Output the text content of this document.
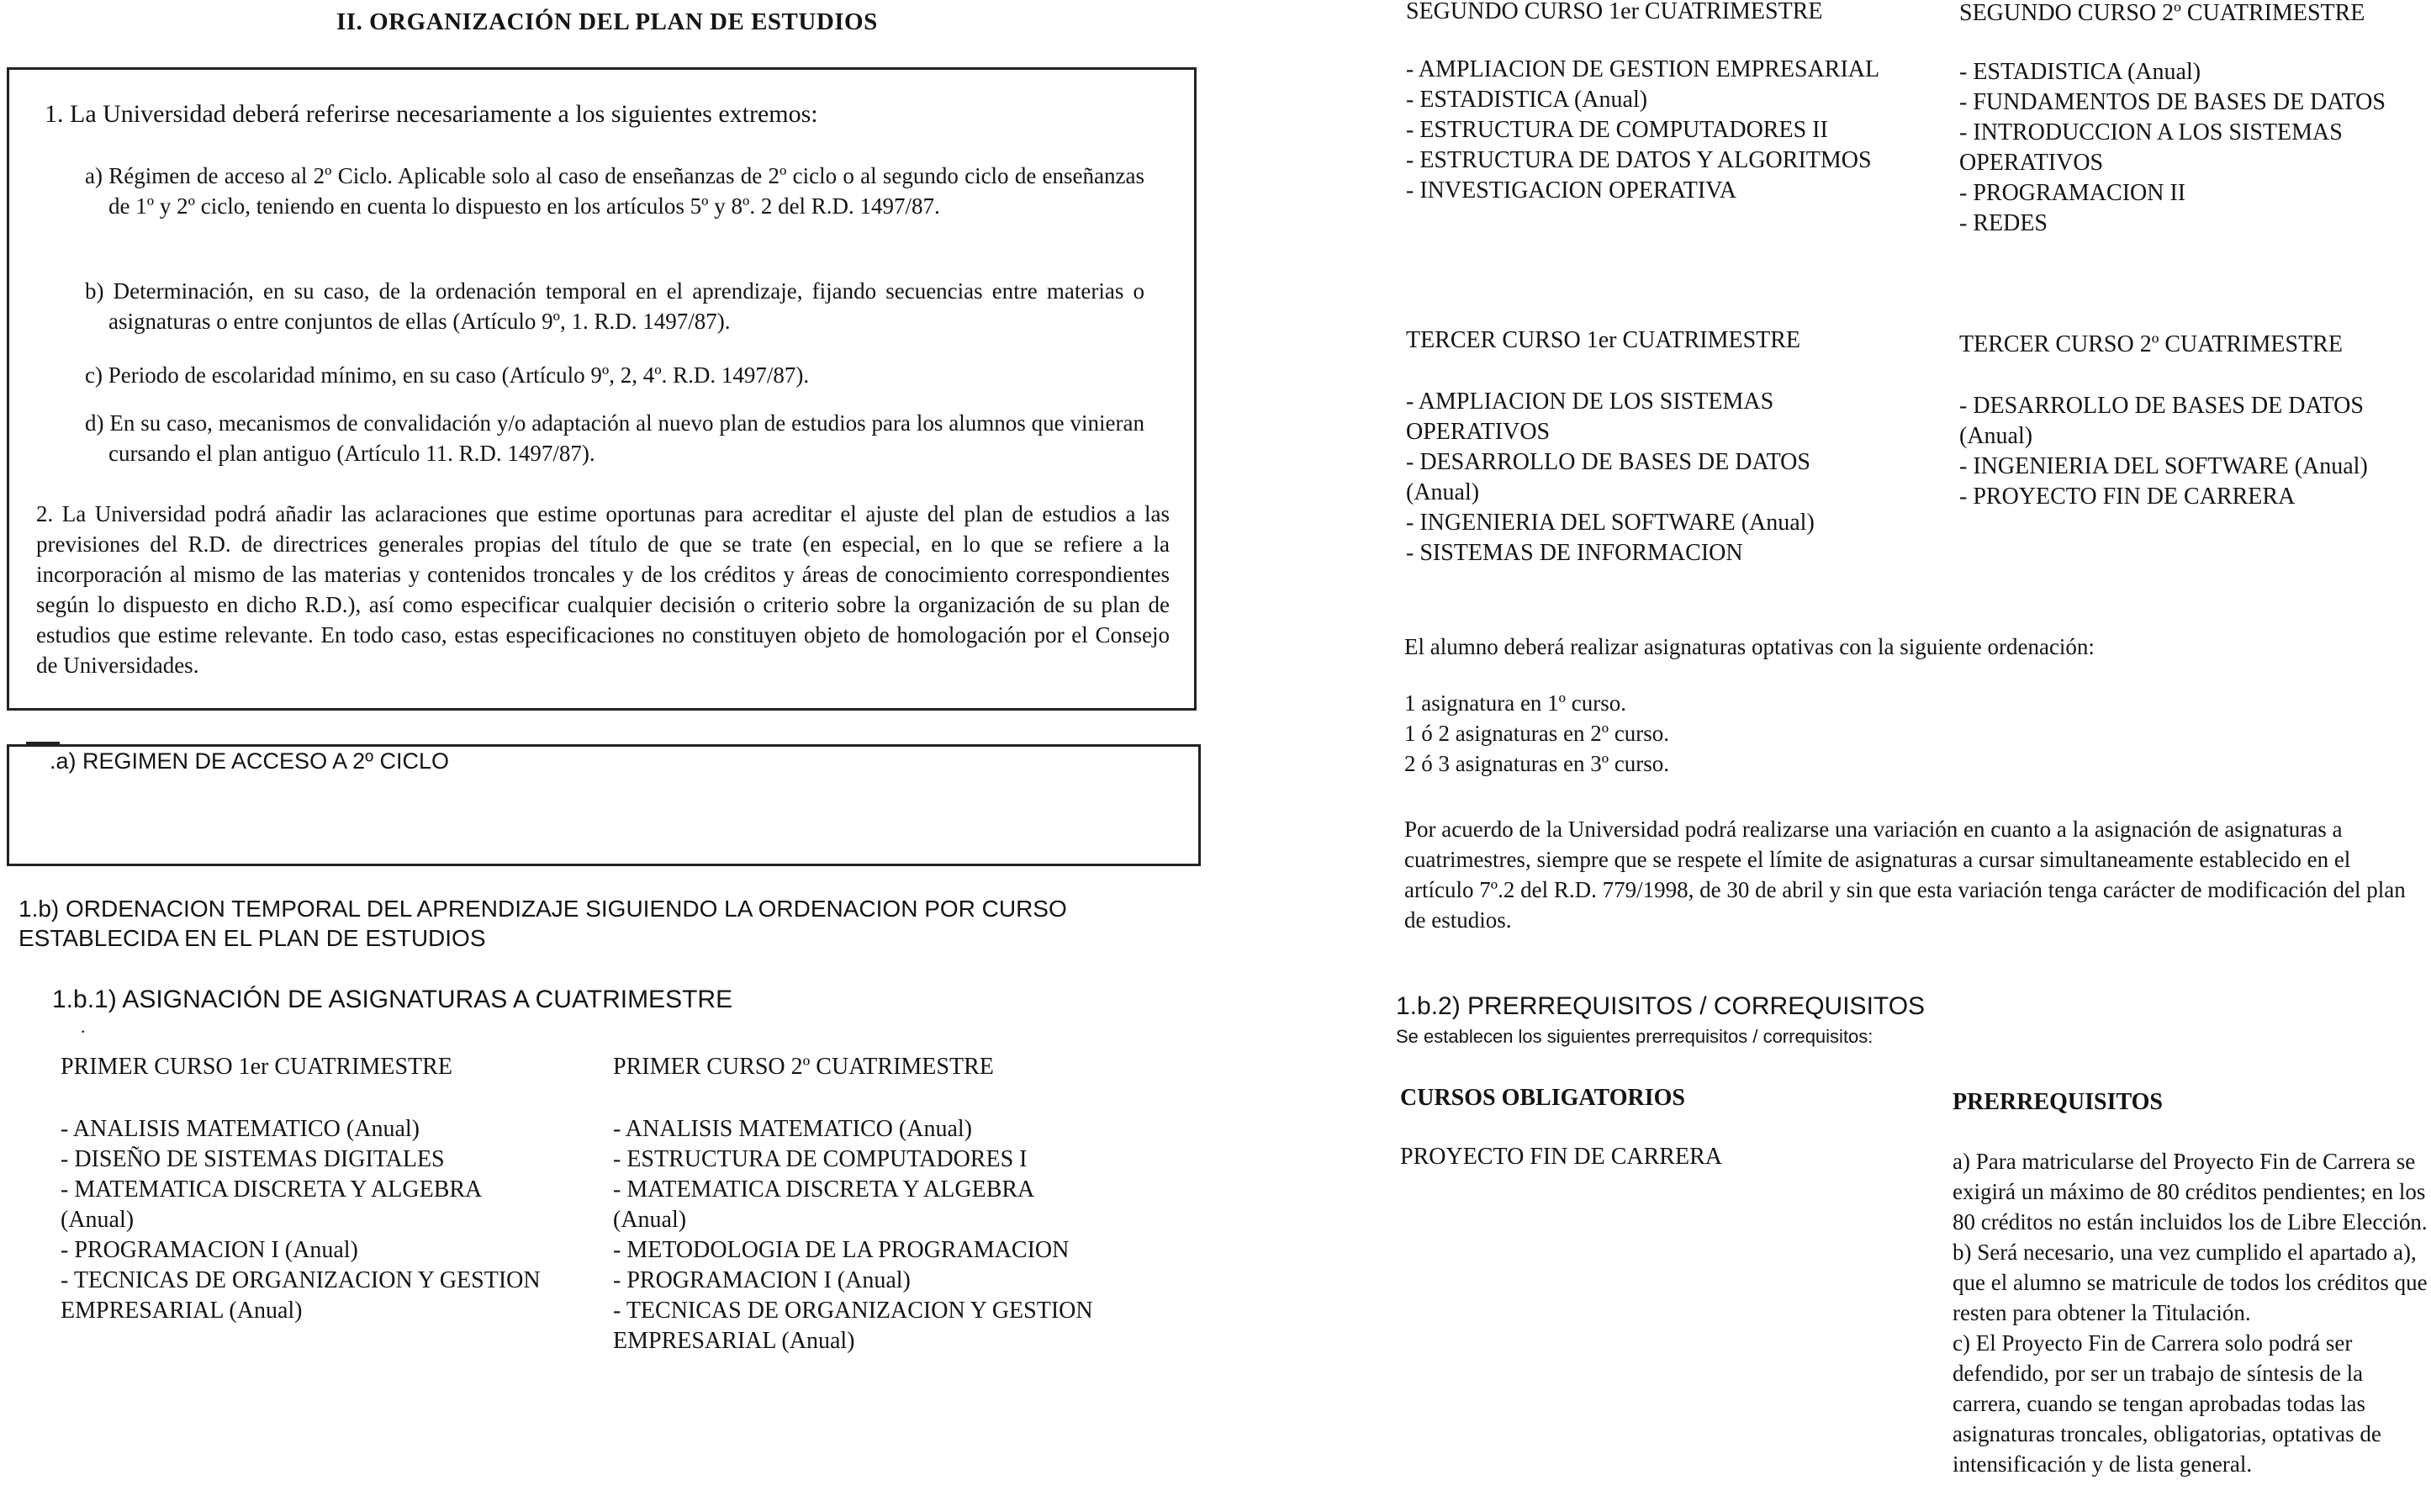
II. ORGANIZACIÓN DEL PLAN DE ESTUDIOS
1. La Universidad deberá referirse necesariamente a los siguientes extremos:
a) Régimen de acceso al 2º Ciclo. Aplicable solo al caso de enseñanzas de 2º ciclo o al segundo ciclo de enseñanzas de 1º y 2º ciclo, teniendo en cuenta lo dispuesto en los artículos 5º y 8º. 2 del R.D. 1497/87.
b) Determinación, en su caso, de la ordenación temporal en el aprendizaje, fijando secuencias entre materias o asignaturas o entre conjuntos de ellas (Artículo 9º, 1. R.D. 1497/87).
c) Periodo de escolaridad mínimo, en su caso (Artículo 9º, 2, 4º. R.D. 1497/87).
d) En su caso, mecanismos de convalidación y/o adaptación al nuevo plan de estudios para los alumnos que vinieran cursando el plan antiguo (Artículo 11. R.D. 1497/87).
2. La Universidad podrá añadir las aclaraciones que estime oportunas para acreditar el ajuste del plan de estudios a las previsiones del R.D. de directrices generales propias del título de que se trate (en especial, en lo que se refiere a la incorporación al mismo de las materias y contenidos troncales y de los créditos y áreas de conocimiento correspondientes según lo dispuesto en dicho R.D.), así como especificar cualquier decisión o criterio sobre la organización de su plan de estudios que estime relevante. En todo caso, estas especificaciones no constituyen objeto de homologación por el Consejo de Universidades.
.a) REGIMEN DE ACCESO A 2º CICLO
1.b) ORDENACION TEMPORAL DEL APRENDIZAJE SIGUIENDO LA ORDENACION POR CURSO ESTABLECIDA EN EL PLAN DE ESTUDIOS
1.b.1) ASIGNACIÓN DE ASIGNATURAS A CUATRIMESTRE
.
PRIMER CURSO 1er CUATRIMESTRE
- ANALISIS MATEMATICO (Anual)
- DISEÑO DE SISTEMAS DIGITALES
- MATEMATICA DISCRETA Y ALGEBRA (Anual)
- PROGRAMACION I (Anual)
- TECNICAS DE ORGANIZACION Y GESTION EMPRESARIAL (Anual)
PRIMER CURSO 2º CUATRIMESTRE
- ANALISIS MATEMATICO (Anual)
- ESTRUCTURA DE COMPUTADORES I
- MATEMATICA DISCRETA Y ALGEBRA (Anual)
- METODOLOGIA DE LA PROGRAMACION
- PROGRAMACION I (Anual)
- TECNICAS DE ORGANIZACION Y GESTION EMPRESARIAL (Anual)
SEGUNDO CURSO 1er CUATRIMESTRE
- AMPLIACION DE GESTION EMPRESARIAL
- ESTADISTICA (Anual)
- ESTRUCTURA DE COMPUTADORES II
- ESTRUCTURA DE DATOS Y ALGORITMOS
- INVESTIGACION OPERATIVA
SEGUNDO CURSO 2º CUATRIMESTRE
- ESTADISTICA (Anual)
- FUNDAMENTOS DE BASES DE DATOS
- INTRODUCCION A LOS SISTEMAS OPERATIVOS
- PROGRAMACION II
- REDES
TERCER CURSO 1er CUATRIMESTRE
- AMPLIACION DE LOS SISTEMAS OPERATIVOS
- DESARROLLO DE BASES DE DATOS (Anual)
- INGENIERIA DEL SOFTWARE (Anual)
- SISTEMAS DE INFORMACION
TERCER CURSO 2º CUATRIMESTRE
- DESARROLLO DE BASES DE DATOS (Anual)
- INGENIERIA DEL SOFTWARE (Anual)
- PROYECTO FIN DE CARRERA
El alumno deberá realizar asignaturas optativas con la siguiente ordenación:
1 asignatura en 1º curso.
1 ó 2 asignaturas en 2º curso.
2 ó 3 asignaturas en 3º curso.
Por acuerdo de la Universidad podrá realizarse una variación en cuanto a la asignación de asignaturas a cuatrimestres, siempre que se respete el límite de asignaturas a cursar simultaneamente establecido en el artículo 7º.2 del R.D. 779/1998, de 30 de abril y sin que esta variación tenga carácter de modificación del plan de estudios.
1.b.2) PRERREQUISITOS / CORREQUISITOS
Se establecen los siguientes prerrequisitos / correquisitos:
CURSOS OBLIGATORIOS	PRERREQUISITOS
PROYECTO FIN DE CARRERA	a) Para matricularse del Proyecto Fin de Carrera se exigirá un máximo de 80 créditos pendientes; en los 80 créditos no están incluidos los de Libre Elección.
b) Será necesario, una vez cumplido el apartado a), que el alumno se matricule de todos los créditos que resten para obtener la Titulación.
c) El Proyecto Fin de Carrera solo podrá ser defendido, por ser un trabajo de síntesis de la carrera, cuando se tengan aprobadas todas las asignaturas troncales, obligatorias, optativas de intensificación y de lista general.
